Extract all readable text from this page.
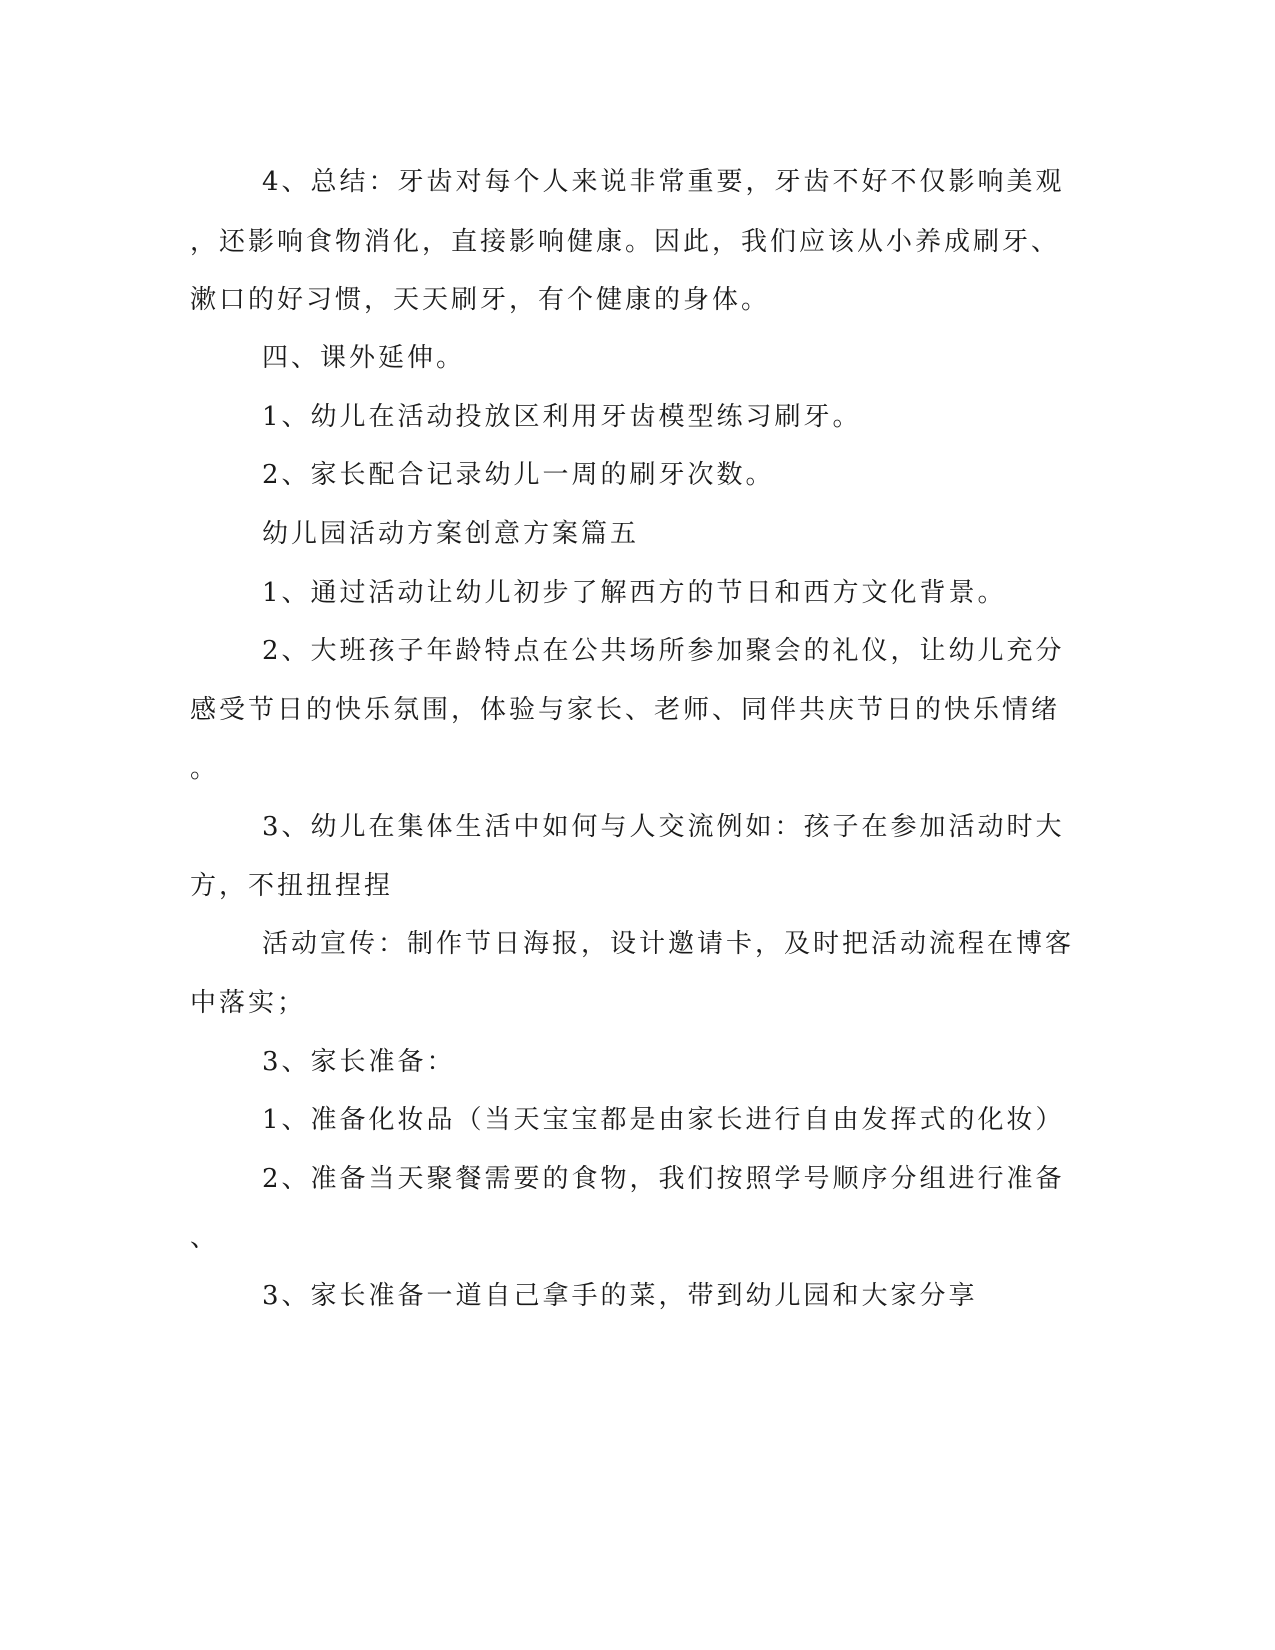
4、总结：牙齿对每个人来说非常重要，牙齿不好不仅影响美观
，还影响食物消化，直接影响健康。因此，我们应该从小养成刷牙、
漱口的好习惯，天天刷牙，有个健康的身体。
四、课外延伸。
1、幼儿在活动投放区利用牙齿模型练习刷牙。
2、家长配合记录幼儿一周的刷牙次数。
幼儿园活动方案创意方案篇五
1、通过活动让幼儿初步了解西方的节日和西方文化背景。
2、大班孩子年龄特点在公共场所参加聚会的礼仪，让幼儿充分
感受节日的快乐氛围，体验与家长、老师、同伴共庆节日的快乐情绪
。
3、幼儿在集体生活中如何与人交流例如：孩子在参加活动时大
方，不扭扭捏捏
活动宣传：制作节日海报，设计邀请卡，及时把活动流程在博客
中落实；
3、家长准备：
1、准备化妆品（当天宝宝都是由家长进行自由发挥式的化妆）
2、准备当天聚餐需要的食物，我们按照学号顺序分组进行准备
、
3、家长准备一道自己拿手的菜，带到幼儿园和大家分享
